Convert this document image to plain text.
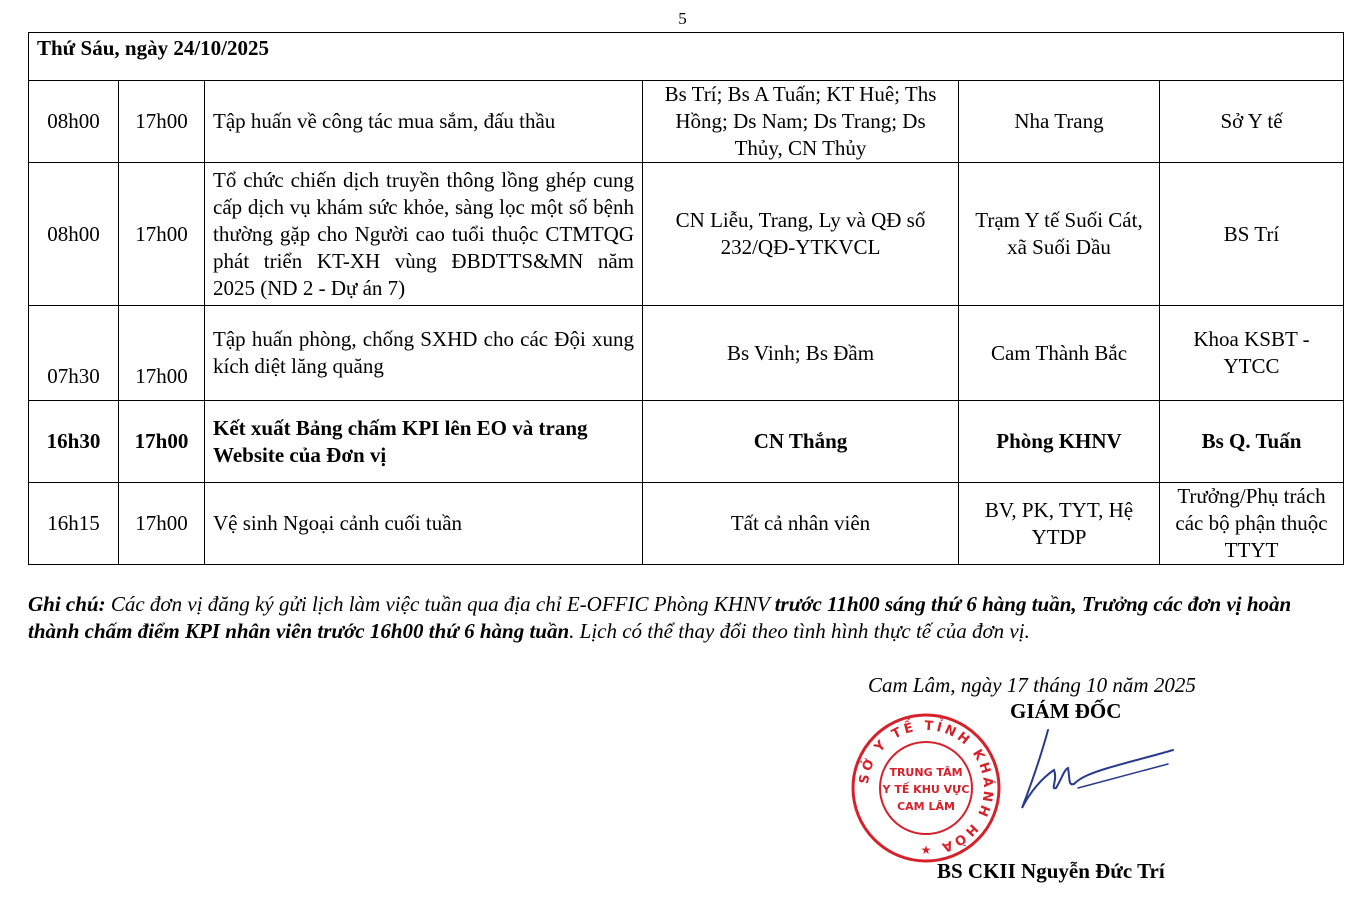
5
Thứ Sáu, ngày 24/10/2025					
08h00	17h00	Tập huấn về công tác mua sắm, đấu thầu	Bs Trí; Bs A Tuấn; KT Huê; Ths Hồng; Ds Nam; Ds Trang; Ds Thủy, CN Thủy	Nha Trang	Sở Y tế
08h00	17h00	Tổ chức chiến dịch truyền thông lồng ghép cung cấp dịch vụ khám sức khỏe, sàng lọc một số bệnh thường gặp cho Người cao tuổi thuộc CTMTQG phát triển KT-XH vùng ĐBDTTS&MN năm 2025 (ND 2 - Dự án 7)	CN Liễu, Trang, Ly và QĐ số 232/QĐ-YTKVCL	Trạm Y tế Suối Cát, xã Suối Dầu	BS Trí
07h30	17h00	Tập huấn phòng, chống SXHD cho các Đội xung kích diệt lăng quăng	Bs Vinh; Bs Đầm	Cam Thành Bắc	Khoa KSBT - YTCC
16h30	17h00	Kết xuất Bảng chấm KPI lên EO và trang Website của Đơn vị	CN Thắng	Phòng KHNV	Bs Q. Tuấn
16h15	17h00	Vệ sinh Ngoại cảnh cuối tuần	Tất cả nhân viên	BV, PK, TYT, Hệ YTDP	Trưởng/Phụ trách các bộ phận thuộc TTYT
Ghi chú: Các đơn vị đăng ký gửi lịch làm việc tuần qua địa chỉ E-OFFIC Phòng KHNV trước 11h00 sáng thứ 6 hàng tuần, Trưởng các đơn vị hoàn thành chấm điểm KPI nhân viên trước 16h00 thứ 6 hàng tuần. Lịch có thể thay đổi theo tình hình thực tế của đơn vị.
Cam Lâm, ngày 17 tháng 10 năm 2025
GIÁM ĐỐC
SỞ Y TẾ TỈNH KHÁNH HÒA
TRUNG TÂM
Y TẾ KHU VỰC
CAM LÂM
★
BS CKII Nguyễn Đức Trí
